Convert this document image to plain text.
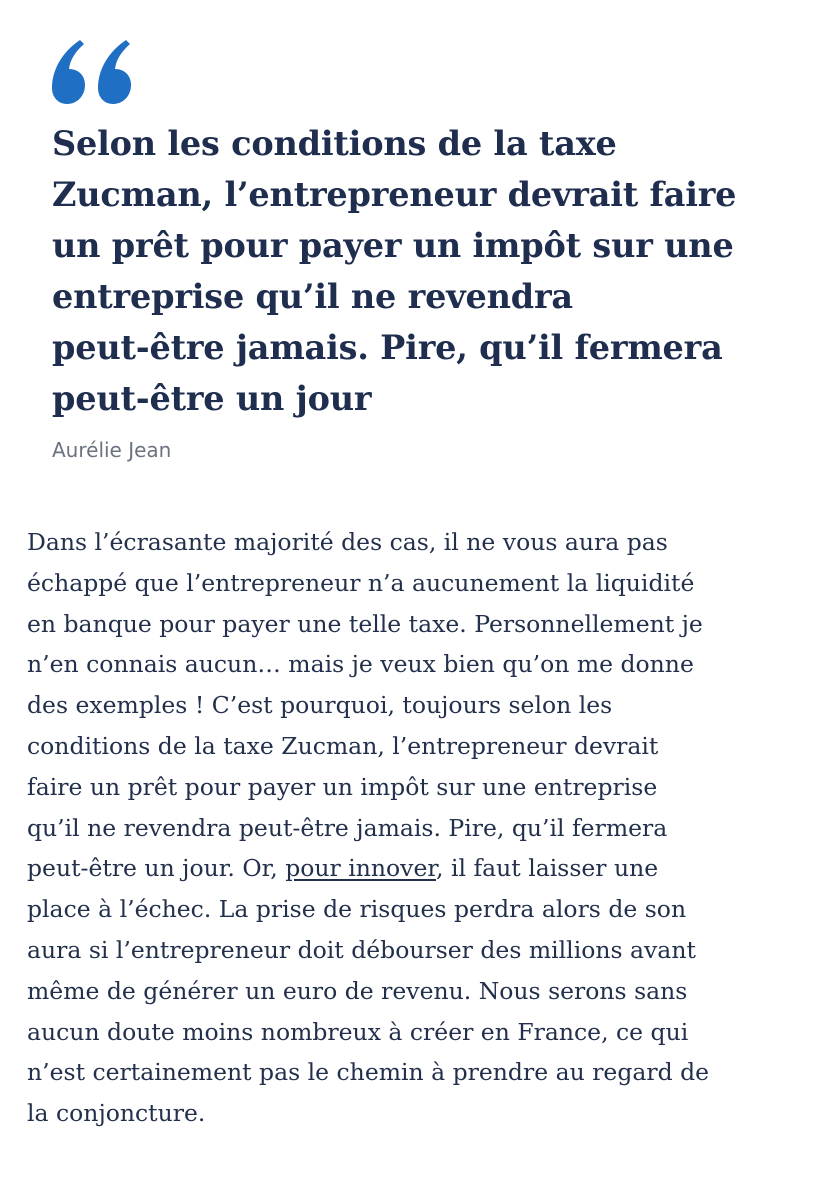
Selon les conditions de la taxe
Zucman, l’entrepreneur devrait faire
un prêt pour payer un impôt sur une
entreprise qu’il ne revendra
peut-être jamais. Pire, qu’il fermera
peut-être un jour
Aurélie Jean
Dans l’écrasante majorité des cas, il ne vous aura pas
échappé que l’entrepreneur n’a aucunement la liquidité
en banque pour payer une telle taxe. Personnellement je
n’en connais aucun… mais je veux bien qu’on me donne
des exemples ! C’est pourquoi, toujours selon les
conditions de la taxe Zucman, l’entrepreneur devrait
faire un prêt pour payer un impôt sur une entreprise
qu’il ne revendra peut-être jamais. Pire, qu’il fermera
peut-être un jour. Or, pour innover, il faut laisser une
place à l’échec. La prise de risques perdra alors de son
aura si l’entrepreneur doit débourser des millions avant
même de générer un euro de revenu. Nous serons sans
aucun doute moins nombreux à créer en France, ce qui
n’est certainement pas le chemin à prendre au regard de
la conjoncture.
